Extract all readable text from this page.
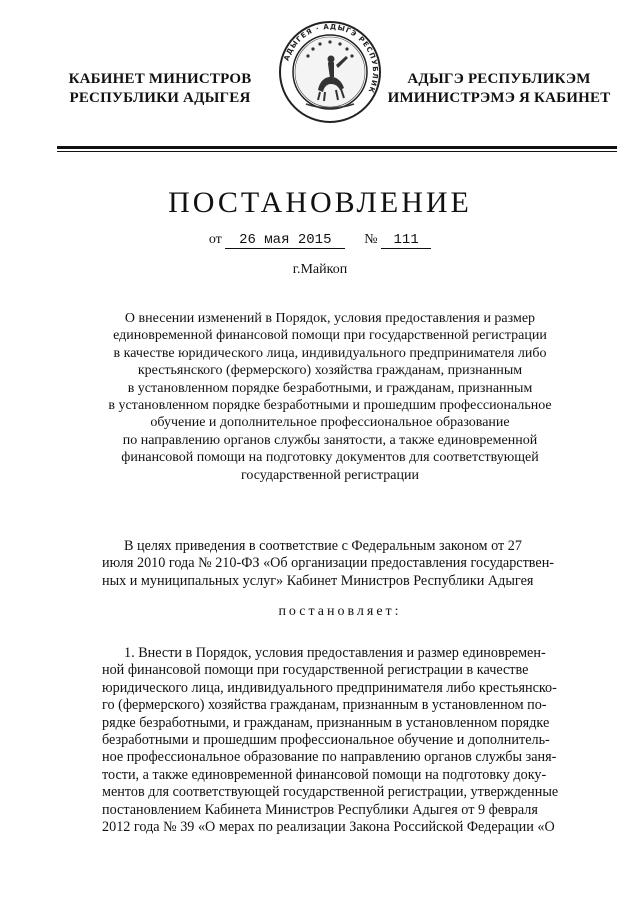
КАБИНЕТ МИНИСТРОВ
РЕСПУБЛИКИ АДЫГЕЯ
АДЫГЕЯ · АДЫГЭ РЕСПУБЛИК
АДЫГЭ РЕСПУБЛИКЭМ
ИМИНИСТРЭМЭ Я КАБИНЕТ
ПОСТАНОВЛЕНИЕ
от 26 мая 2015 № 111
г.Майкоп
О внесении изменений в Порядок, условия предоставления и размер
единовременной финансовой помощи при государственной регистрации
в качестве юридического лица, индивидуального предпринимателя либо
крестьянского (фермерского) хозяйства гражданам, признанным
в установленном порядке безработными, и гражданам, признанным
в установленном порядке безработными и прошедшим профессиональное
обучение и дополнительное профессиональное образование
по направлению органов службы занятости, а также единовременной
финансовой помощи на подготовку документов для соответствующей
государственной регистрации
В целях приведения в соответствие с Федеральным законом от 27
июля 2010 года № 210-ФЗ «Об организации предоставления государствен-
ных и муниципальных услуг» Кабинет Министров Республики Адыгея
постановляет:
1. Внести в Порядок, условия предоставления и размер единовремен-
ной финансовой помощи при государственной регистрации в качестве
юридического лица, индивидуального предпринимателя либо крестьянско-
го (фермерского) хозяйства гражданам, признанным в установленном по-
рядке безработными, и гражданам, признанным в установленном порядке
безработными и прошедшим профессиональное обучение и дополнитель-
ное профессиональное образование по направлению органов службы заня-
тости, а также единовременной финансовой помощи на подготовку доку-
ментов для соответствующей государственной регистрации, утвержденные
постановлением Кабинета Министров Республики Адыгея от 9 февраля
2012 года № 39 «О мерах по реализации Закона Российской Федерации «О
